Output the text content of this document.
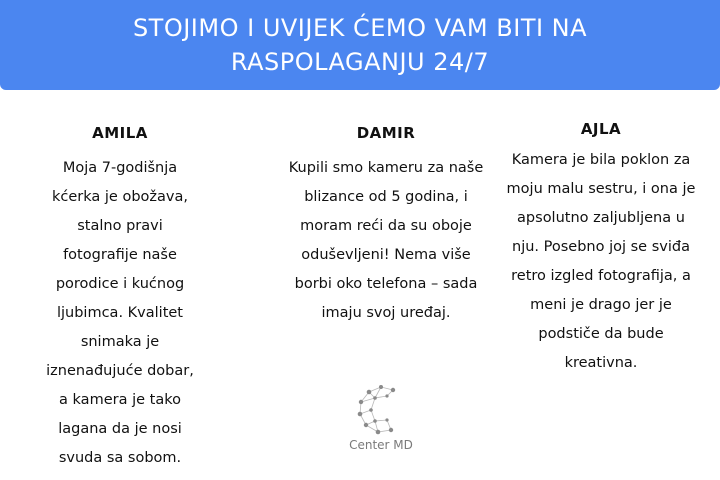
STOJIMO I UVIJEK ĆEMO VAM BITI NA RASPOLAGANJU 24/7
AMILA
Moja 7-godišnja kćerka je obožava, stalno pravi fotografije naše porodice i kućnog ljubimca. Kvalitet snimaka je iznenađujuće dobar, a kamera je tako lagana da je nosi svuda sa sobom.
DAMIR
Kupili smo kameru za naše blizance od 5 godina, i moram reći da su oboje oduševljeni! Nema više borbi oko telefona – sada imaju svoj uređaj.
AJLA
Kamera je bila poklon za moju malu sestru, i ona je apsolutno zaljubljena u nju. Posebno joj se sviđa retro izgled fotografija, a meni je drago jer je podstiče da bude kreativna.
Center MD
